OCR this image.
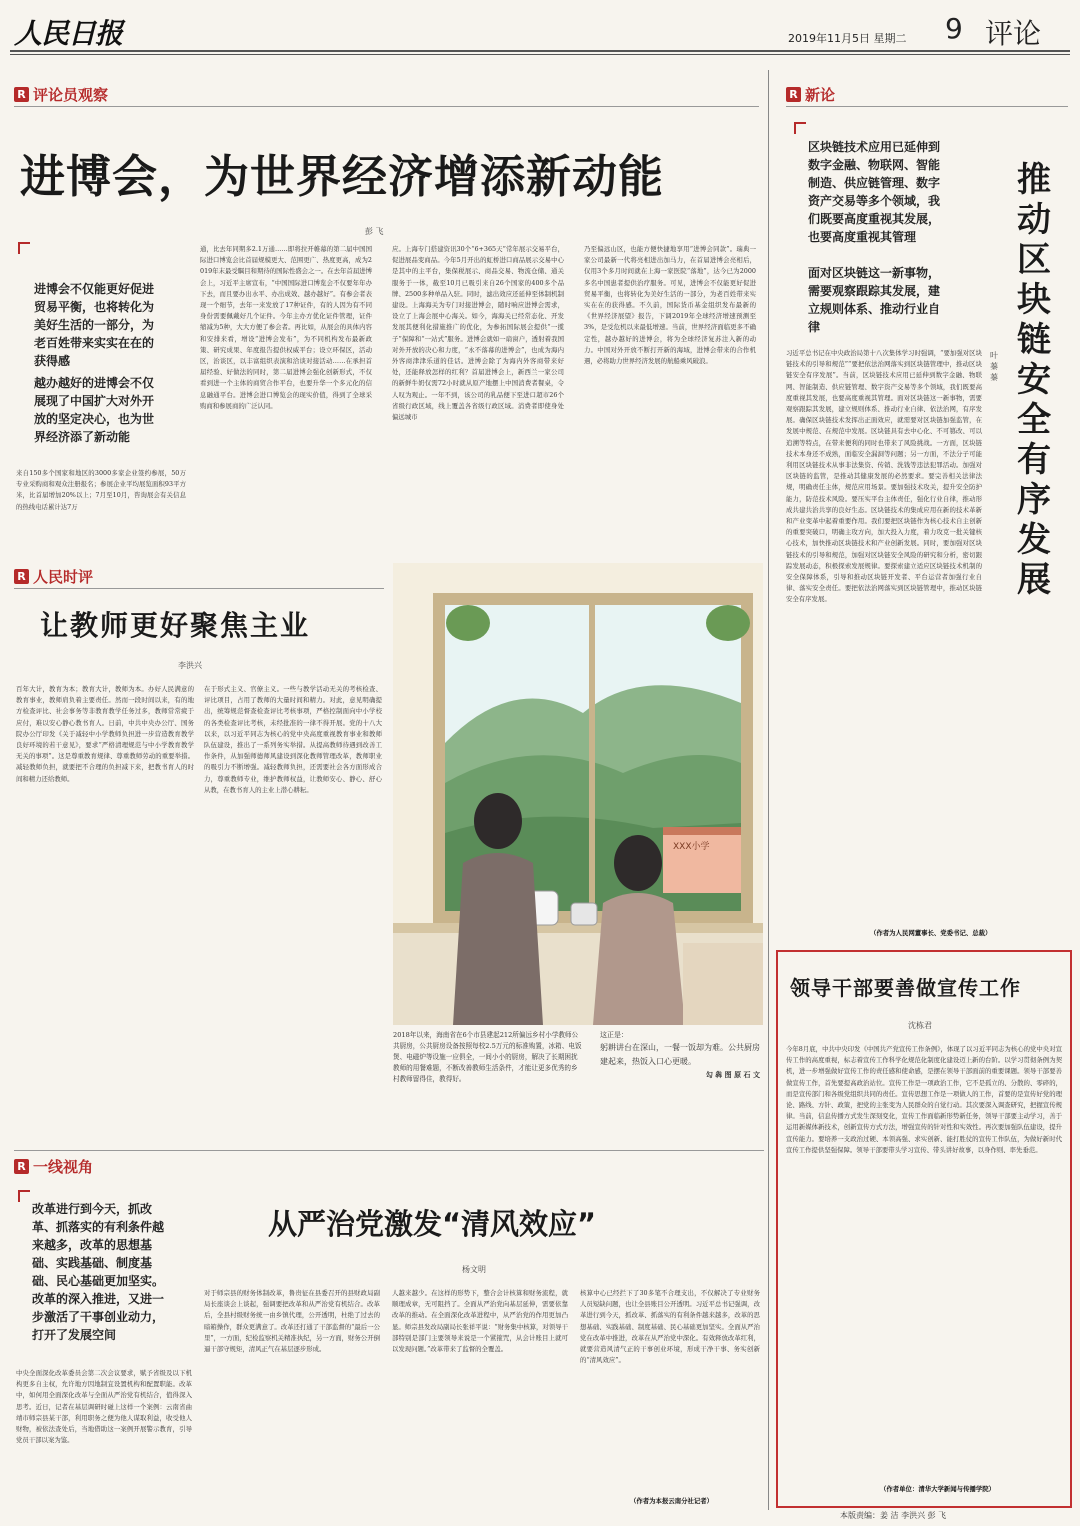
人民日报	2019年11月5日 星期二 9 评论
R 评论员观察
进博会，为世界经济增添新动能
彭 飞
进博会不仅能更好促进贸易平衡，也将转化为美好生活的一部分，为老百姓带来实实在在的获得感
越办越好的进博会不仅展现了中国扩大对外开放的坚定决心，也为世界经济添了新动能
来自150多个国家和地区的3000多家企业签约参展，50万专业采购商和观众注册报名；参展企业平均展览面积93平方米，比首届增加20%以上；7月至10月，咨询展会有关信息的热线电话累计达7万
通，比去年同期多2.1万通……即将拉开帷幕的第二届中国国际进口博览会比首届规模更大、范围更广、热度更高，成为2019年末最受瞩目和期待的国际性盛会之一。在去年首届进博会上，习近平主席宣布，“中国国际进口博览会不仅要年年办下去，而且要办出水平、办出成效、越办越好”。有参会者表现一个细节，去年一来发放了17种证件，有的人因为有不同身份需要佩戴好几个证件。今年主办方优化证件管理，证件缩减为5种，大大方便了参会者。再比如，从展会的具体内容和安排来看，增设“进博会发布”，为不同机构发布最新政策、研究成果、年度报告提供权威平台；设立环保区，活动区，治谈区，以丰富组织表演和洽谈对接活动……在承担首届经验、好做法的同时，第二届进博会强化创新形式，不仅看到进一个主体的商贸合作平台，也要升华一个多元化的信息融通平台。进博会进口博览会的现实价值，得到了全球采购商和参展商的广泛认同。
应。上海专门搭建资讯30个“6+365天”常年展示交易平台，促进展品变商品。今年5月开出的虹桥进口商品展示交易中心是其中的主平台，集保税展示、商品交易、物流仓储、通关服务于一体，截至10月已吸引来自26个国家的400多个品牌、2500多种单品入驻。同时，滤出效应还延伸至体制机制建设。上海海关为专门对接进博会，随时响应进博会需求，设立了上海会展中心海关。如今，海海关已经常态化、开发发展其便利化措施推广的优化，为参拓国际展会提供“一揽子”保障和“一站式”服务。进博会就如一扇窗户，透射着我国对外开放的决心和力度，“永不落幕的进博会”，也成为海内外客商津津乐道的佳话。进博会除了为海内外客商带来好处，还能释放怎样的红利？首届进博会上，新西兰一家公司的新鲜牛奶仅需72小时就从原产地摆上中国消费者餐桌，令人叹为观止。一年不到，该公司的乳品便下至进口超市26个省级行政区域，线上覆盖各省级行政区域。消费者即使身处偏远城市
乃至偏远山区，也能方便快捷地享用“进博会同款”。瑞典一家公司最新一代将亮相进出加马力，在首届进博会亮相后，仅用3个多月时间就在上海一家医院“落地”，达今已为2000多名中国患者提供治疗服务。可见，进博会不仅能更好促进贸易平衡，也将转化为美好生活的一部分，为老百姓带来实实在在的获得感。不久前，国际货币基金组织发布最新的《世界经济展望》报告，下调2019年全球经济增速预测至3%，是受危机以来最低增速。当前，世界经济面临更多不确定性，越办越好的进博会，将为全球经济复苏注入新的动力。中国对外开放不断打开新的海域，进博会带来的合作机遇，必将助力世界经济发展的航船乘风破浪。
R 新论
区块链技术应用已延伸到数字金融、物联网、智能制造、供应链管理、数字资产交易等多个领域，我们既要高度重视其发展，也要高度重视其管理
面对区块链这一新事物，需要观察跟踪其发展，建立规则体系、推动行业自律
推动区块链安全有序发展
叶蓁蓁
习近平总书记在中央政治局第十八次集体学习时强调，“要加强对区块链技术的引导和规范”“要把依法治网落实到区块链管理中，推动区块链安全有序发展”。当前，区块链技术应用已延伸到数字金融、物联网、智能制造、供应链管理、数字资产交易等多个领域，我们既要高度重视其发展，也要高度重视其管理。面对区块链这一新事物，需要观察跟踪其发展，建立规则体系、推动行业自律、依法治网，有序发展。确保区块链技术发挥出正面效应，就需要对区块链加强监管，在发展中规范、在规范中发展。区块链具有去中心化、不可篡改、可以追溯等特点，在带来便利的同时也带来了风险挑战。一方面，区块链技术本身还不成熟，面临安全漏洞等问题；另一方面，不法分子可能利用区块链技术从事非法集资、传销、洗钱等违法犯罪活动。加强对区块链的监管，是推动其健康发展的必然要求。要完善相关法律法规，明确责任主体，规范应用场景。要加强技术攻关，提升安全防护能力，防范技术风险。要压实平台主体责任，强化行业自律，推动形成共建共治共享的良好生态。区块链技术的集成应用在新的技术革新和产业变革中起着重要作用。我们要把区块链作为核心技术自主创新的重要突破口，明确主攻方向，加大投入力度，着力攻克一批关键核心技术，加快推动区块链技术和产业创新发展。同时，要加强对区块链技术的引导和规范，加强对区块链安全风险的研究和分析，密切跟踪发展动态，积极探索发展规律。要探索建立适应区块链技术机制的安全保障体系，引导和推动区块链开发者、平台运营者加强行业自律、落实安全责任。要把依法治网落实到区块链管理中，推动区块链安全有序发展。
（作者为人民网董事长、党委书记、总裁）
R 人民时评
让教师更好聚焦主业
李洪兴
百年大计，教育为本；教育大计，教师为本。办好人民满意的教育事业，教师肩负着主要责任。然而一段时间以来，有的地方检查评比、社会事务等非教育教学任务过多，教师常常疲于应付，难以安心静心教书育人。日前，中共中央办公厅、国务院办公厅印发《关于减轻中小学教师负担进一步营造教育教学良好环境的若干意见》，要求“严格清理规范与中小学教育教学无关的事项”。这是尊重教育规律、尊重教师劳动的重要举措。减轻教师负担，就要把不合理的负担减下来，把教书育人的时间和精力还给教师。
在于形式主义、官僚主义。一些与教学活动无关的考核检查、评比项目，占用了教师的大量时间和精力。对此，意见明确提出，统筹规范督查检查评比考核事项，严格控制面向中小学校的各类检查评比考核，未经批准的一律不得开展。党的十八大以来，以习近平同志为核心的党中央高度重视教育事业和教师队伍建设，推出了一系列务实举措。从提高教师待遇到改善工作条件，从加强师德师风建设到深化教师管理改革，教师职业的吸引力不断增强。减轻教师负担，还需要社会各方面形成合力，尊重教师专业，维护教师权益，让教师安心、静心、舒心从教，在教书育人的主业上潜心耕耘。
XXX小学
2018年以来，海南省在6个市县建起212所偏远乡村小学教师公共厨房，公共厨房设备按照每校2.5万元的标准购置，冰箱、电饭煲、电磁炉等设施一应俱全，一间小小的厨房，解决了长期困扰教师的用餐难题，不断改善教师生活条件，才能让更多优秀的乡村教师留得住，教得好。
这正是：
躬耕讲台在深山，一餐一饭却为难。公共厨房建起来，热饭入口心更暖。
勾 犇 图 原 石 文
R 一线视角
改革进行到今天，抓改革、抓落实的有利条件越来越多，改革的思想基础、实践基础、制度基础、民心基础更加坚实。改革的深入推进，又进一步激活了干事创业动力，打开了发展空间
从严治党激发“清风效应”
杨文明
中央全面深化改革委员会第二次会议要求，赋予省级及以下机构更多自主权，允许地方因地制宜设置机构和配置职能。改革中，如何用全面深化改革与全面从严治党有机结合，值得深入思考。近日，记者在基层调研时碰上这样一个案例：云南省曲靖市师宗县某干部，利用职务之便为他人谋取利益，收受他人财物，被依法查处后，当地借助这一案例开展警示教育，引导党员干部以案为鉴。
对于师宗县的财务体制改革，鲁贵征在县委召开的县财政局副局长座谈会上谈起，强调要把改革和从严治党有机结合。改革后，全县村级财务统一由乡镇代理，公开透明，杜绝了过去的暗箱操作，群众更满意了。改革还打通了干部监督的“最后一公里”，一方面，纪检监察机关精准执纪，另一方面，财务公开倒逼干部守规矩，清风正气在基层逐步形成。
人越来越少。在这样的形势下，整合会计核算和财务流程，就顺理成章，无可阻挡了。全面从严治党向基层延伸，需要依靠改革的推动。在全面深化改革进程中，从严治党的作用更加凸显。师宗县发改局副局长张祥平说：“财务集中核算，对领导干部特别是部门主要领导来说是一个紧箍咒，从会计账目上就可以发现问题。”改革带来了监督的全覆盖。
核算中心已经拦下了30多笔不合理支出，不仅解决了专业财务人员短缺问题，也让全县账目公开透明。习近平总书记强调，改革进行到今天，抓改革、抓落实的有利条件越来越多，改革的思想基础、实践基础、制度基础、民心基础更加坚实。全面从严治党在改革中推进，改革在从严治党中深化。有效释放改革红利，就要营造风清气正的干事创业环境，形成干净干事、务实创新的“清风效应”。
（作者为本报云南分社记者）
领导干部要善做宣传工作
沈栋君
今年8月底，中共中央印发《中国共产党宣传工作条例》，体现了以习近平同志为核心的党中央对宣传工作的高度重视，标志着宣传工作科学化规范化制度化建设迈上新的台阶。以学习贯彻条例为契机，进一步增强做好宣传工作的责任感和使命感，是摆在领导干部面前的重要课题。领导干部要善做宣传工作，首先要提高政治站位。宣传工作是一项政治工作，它不是孤立的、分散的、零碎的，而是宣传部门和各级党组织共同的责任。宣传思想工作是一项做人的工作，首要的是宣传好党的理论、路线、方针、政策，把党的主张变为人民群众的自觉行动。其次要深入调查研究，把握宣传规律。当前，信息传播方式发生深刻变化，宣传工作面临新形势新任务，领导干部要主动学习，善于运用新媒体新技术，创新宣传方式方法，增强宣传的针对性和实效性。再次要加强队伍建设，提升宣传能力。要培养一支政治过硬、本领高强、求实创新、能打胜仗的宣传工作队伍，为做好新时代宣传工作提供坚强保障。领导干部要带头学习宣传、带头讲好故事，以身作则、率先垂范。
（作者单位：清华大学新闻与传播学院）
本版责编：姜 洁 李洪兴 彭 飞
